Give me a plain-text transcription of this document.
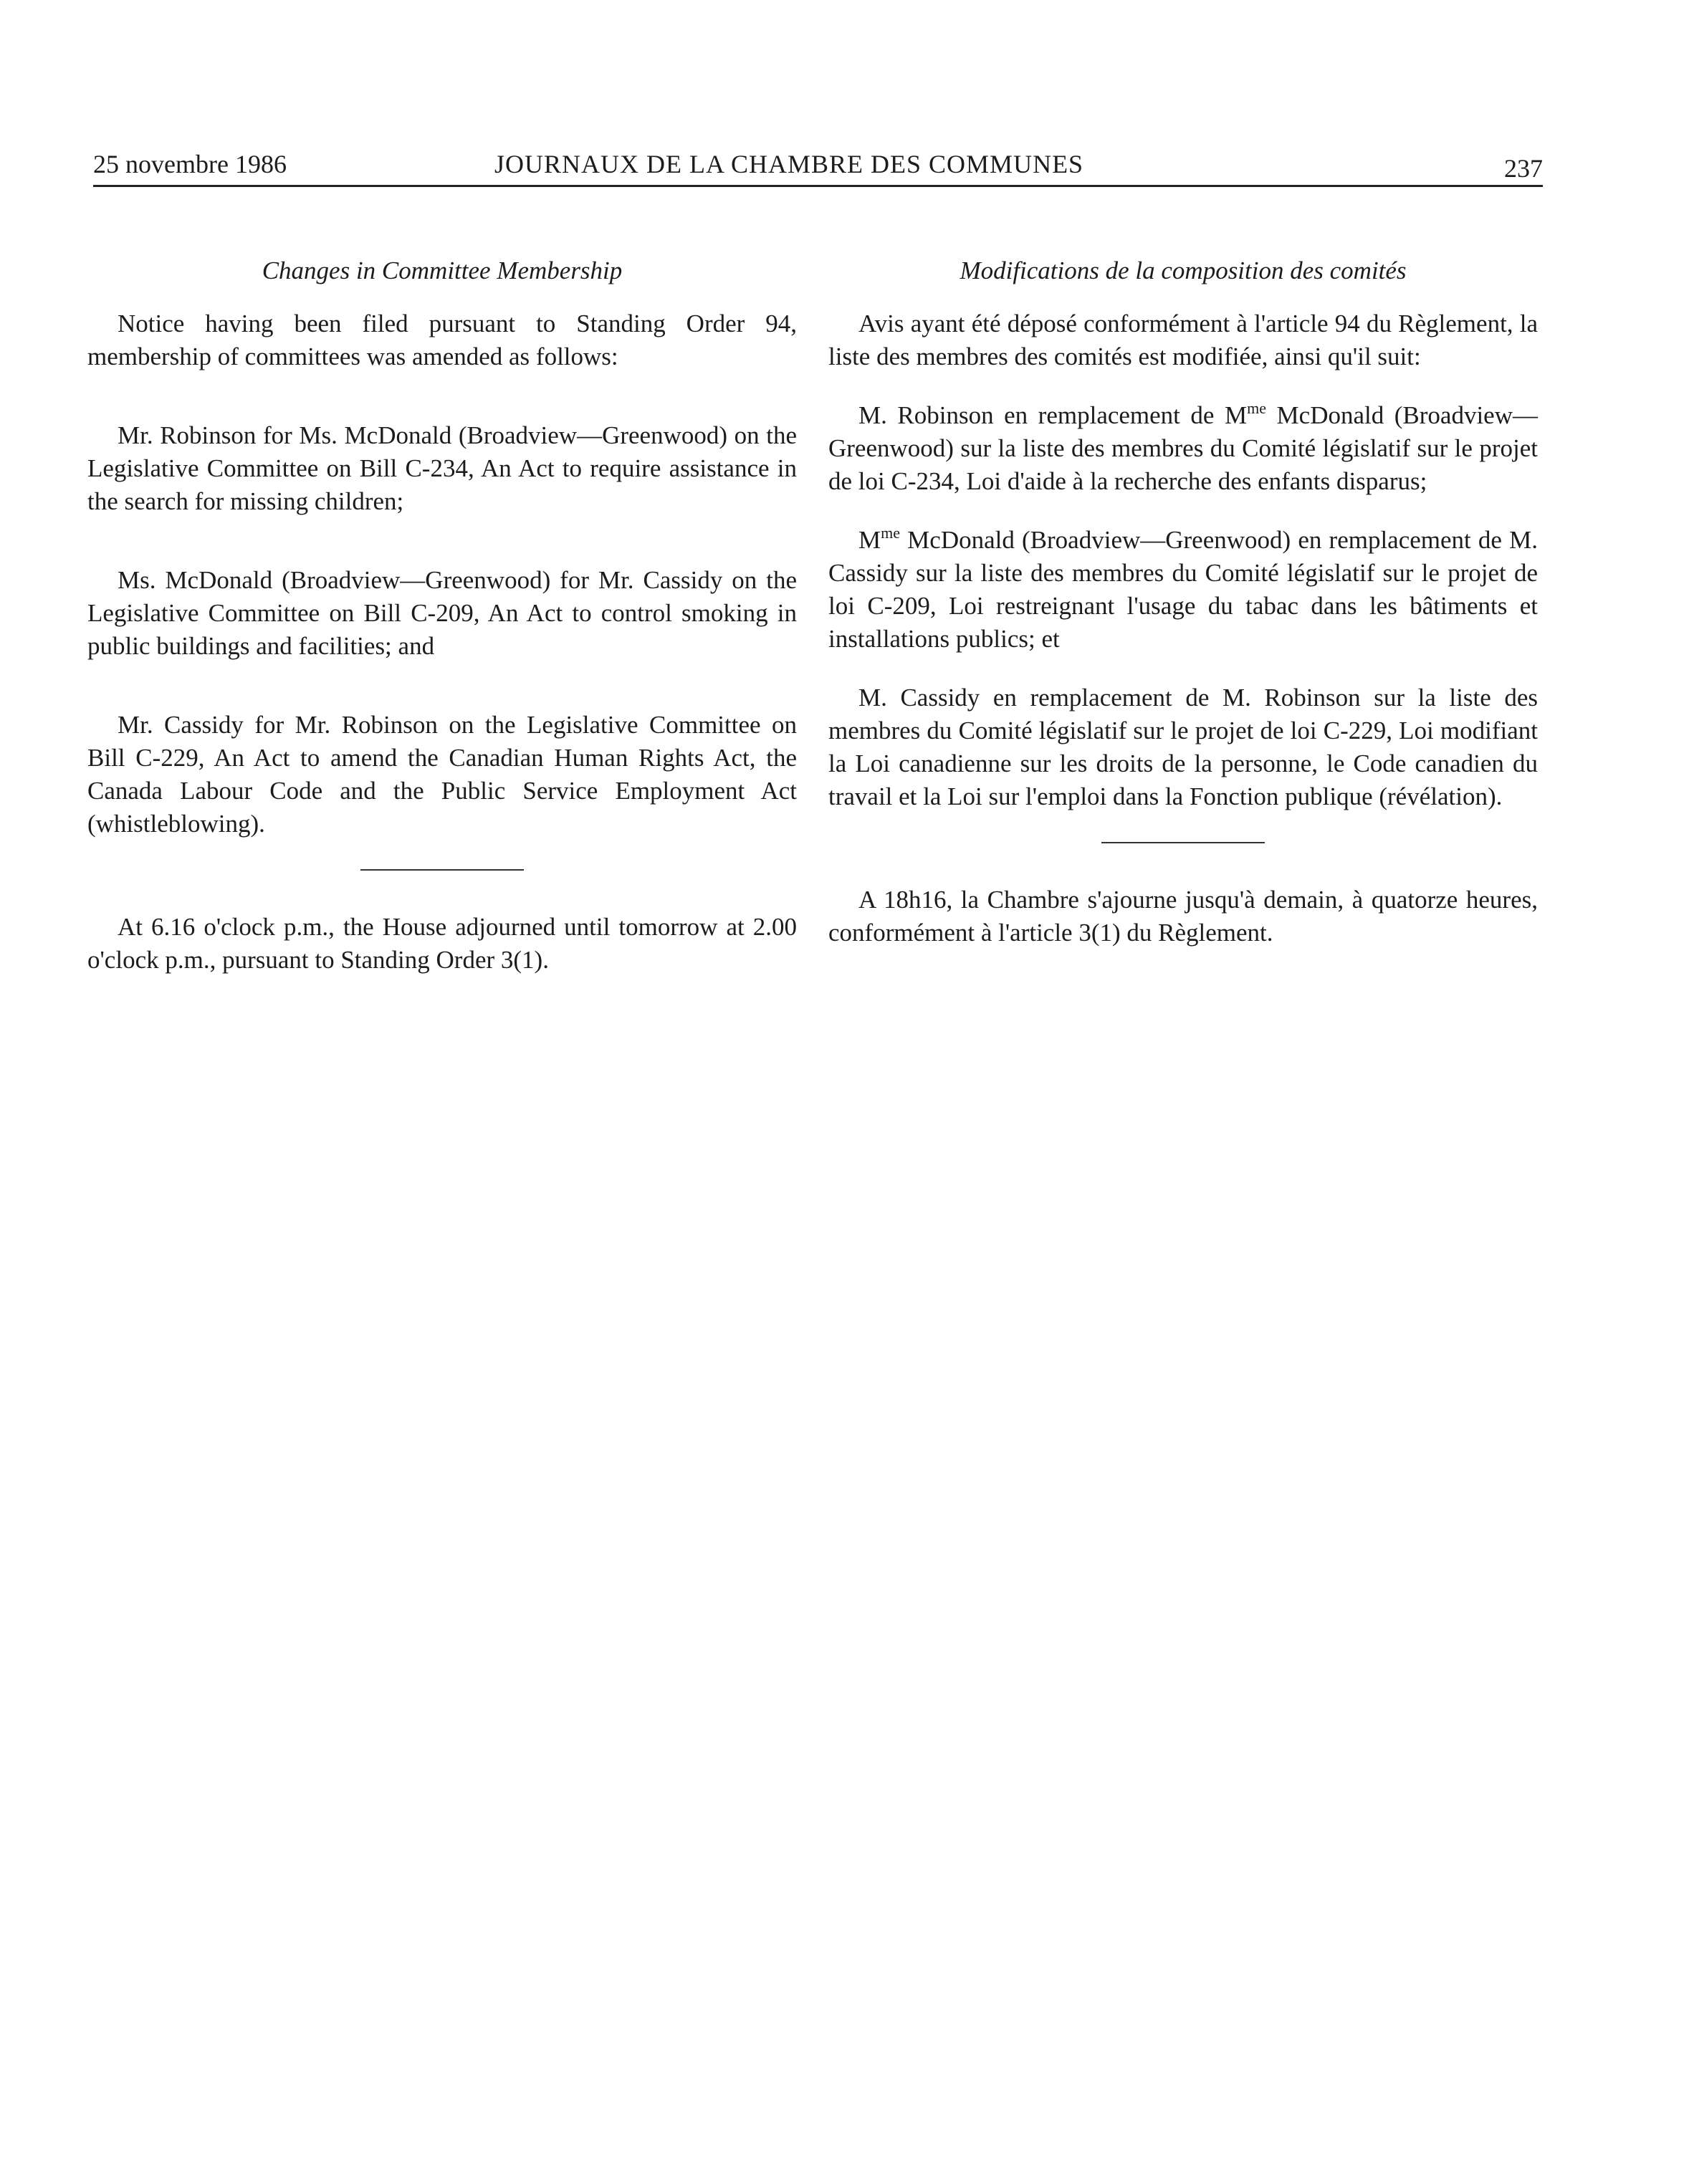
25 novembre 1986	JOURNAUX DE LA CHAMBRE DES COMMUNES	237

Changes in Committee Membership

Notice having been filed pursuant to Standing Order 94, membership of committees was amended as follows:

Mr. Robinson for Ms. McDonald (Broadview—Greenwood) on the Legislative Committee on Bill C-234, An Act to require assistance in the search for missing children;

Ms. McDonald (Broadview—Greenwood) for Mr. Cassidy on the Legislative Committee on Bill C-209, An Act to control smoking in public buildings and facilities; and

Mr. Cassidy for Mr. Robinson on the Legislative Committee on Bill C-229, An Act to amend the Canadian Human Rights Act, the Canada Labour Code and the Public Service Employment Act (whistleblowing).

At 6.16 o'clock p.m., the House adjourned until tomorrow at 2.00 o'clock p.m., pursuant to Standing Order 3(1).

Modifications de la composition des comités

Avis ayant été déposé conformément à l'article 94 du Règlement, la liste des membres des comités est modifiée, ainsi qu'il suit:

M. Robinson en remplacement de $M^{me}$ McDonald (Broadview—Greenwood) sur la liste des membres du Comité législatif sur le projet de loi C-234, Loi d'aide à la recherche des enfants disparus;

$M^{me}$ McDonald (Broadview—Greenwood) en remplacement de M. Cassidy sur la liste des membres du Comité législatif sur le projet de loi C-209, Loi restreignant l'usage du tabac dans les bâtiments et installations publics; et

M. Cassidy en remplacement de M. Robinson sur la liste des membres du Comité législatif sur le projet de loi C-229, Loi modifiant la Loi canadienne sur les droits de la personne, le Code canadien du travail et la Loi sur l'emploi dans la Fonction publique (révélation).

A 18h16, la Chambre s'ajourne jusqu'à demain, à quatorze heures, conformément à l'article 3(1) du Règlement.
